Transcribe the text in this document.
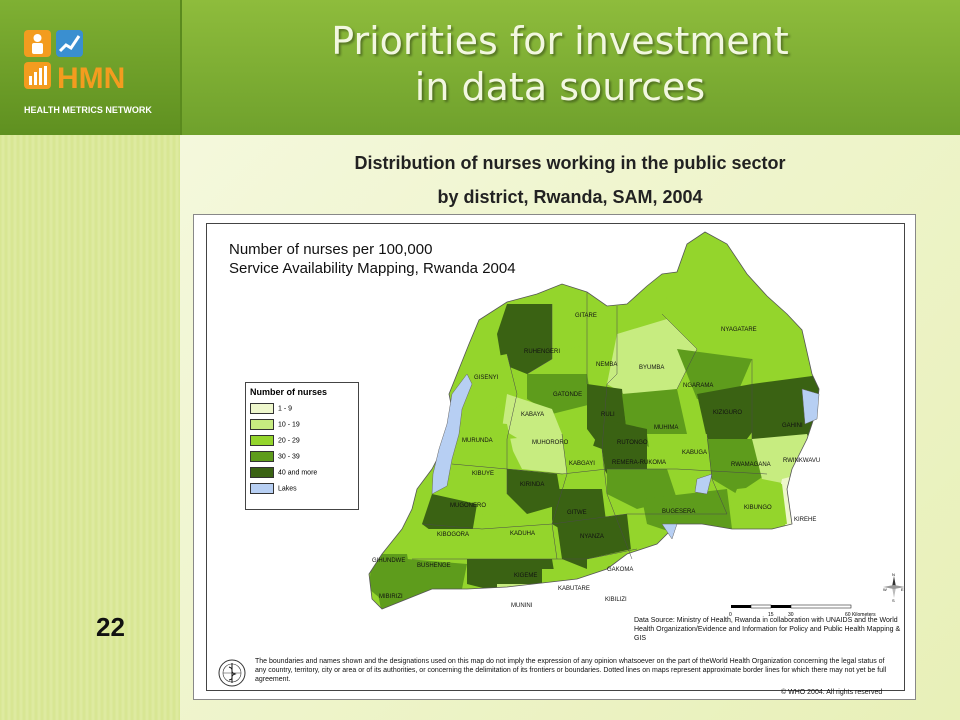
HMN
HEALTH METRICS NETWORK
Priorities for investment
in data sources
Distribution of nurses working in the public sector
by district, Rwanda, SAM, 2004
22
GITARE
NYAGATARE
RUHENGERI
NEMBA	BYUMBA
GISENYI
GATONDE
NGARAMA
KABAYA	RULI	KIZIGURO
GAHINI
MURUNDA	MUHORORO
MUHIMA
RUTONGO
KABUGA
KABGAYI	REMERA-RUKOMA	RWAMAGANA
RWINKWAVU
KIBUYE
KIRINDA
MUGONERO
GITWE	BUGESERA
KIBUNGO
KIREHE
KIBOGORA	KADUHA	NYANZA
GIHUNDWE
BUSHENGE
KIGEME
GAKOMA
KABUTARE
MIBIRIZI
MUNINI
KIBILIZI
Number of nurses per 100,000
Service Availability Mapping, Rwanda 2004
Number of nurses
1 - 9
10 - 19
20 - 29
30 - 39
40 and more
Lakes
0	15	30	60 Kilometers
N
S
E
W
Data Source: Ministry of Health, Rwanda in collaboration with UNAIDS and the World Health Organization/Evidence and Information for Policy and Public Health Mapping & GIS
The boundaries and names shown and the designations used on this map do not imply the expression of any opinion whatsoever on the part of theWorld Health Organization concerning the legal status of any country, territory, city or area or of its authorities, or concerning the delimitation of its frontiers or boundaries. Dotted lines on maps represent approximate border lines for which there may not yet be full agreement.
© WHO 2004. All rights reserved
